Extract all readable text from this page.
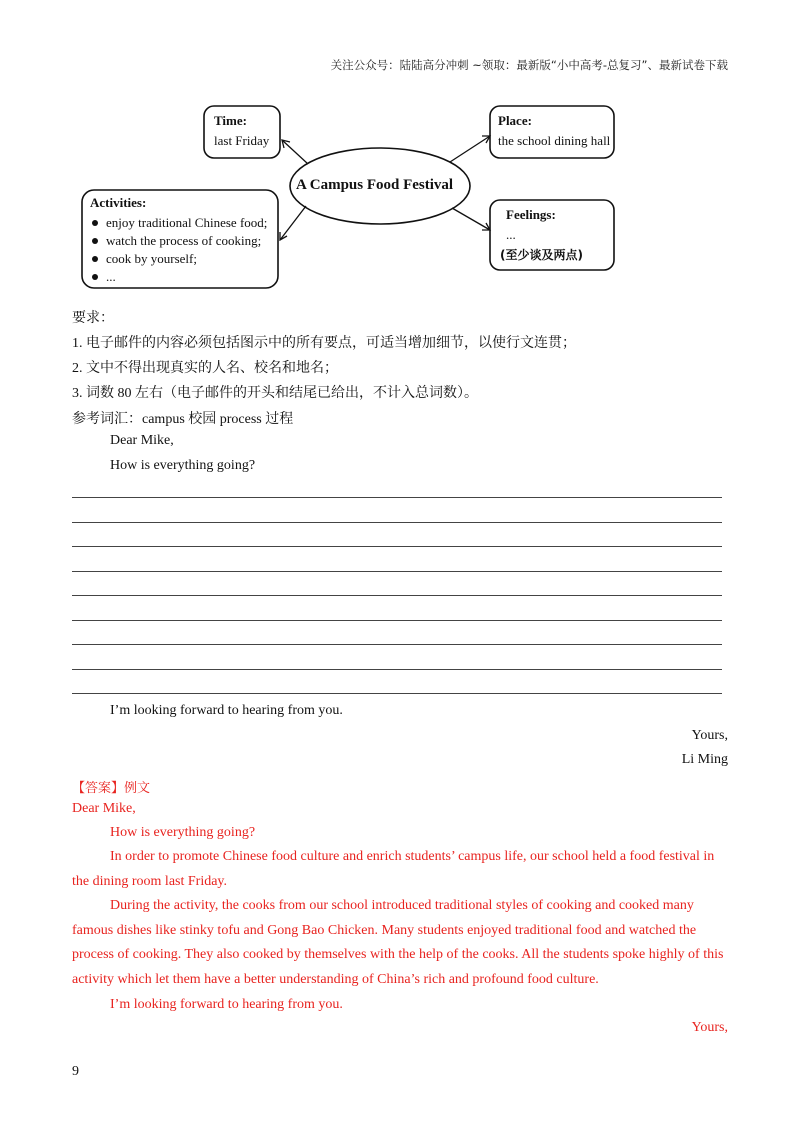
关注公众号：陆陆高分冲刺 ~领取：最新版“小中高考-总复习”、最新试卷下载
A Campus Food Festival
Time:
last Friday
Place:
the school dining hall
Activities:
enjoy traditional Chinese food;
watch the process of cooking;
cook by yourself;
...
Feelings:
...
(至少谈及两点)
要求：
1. 电子邮件的内容必须包括图示中的所有要点，可适当增加细节，以使行文连贯；
2. 文中不得出现真实的人名、校名和地名；
3. 词数 80 左右（电子邮件的开头和结尾已给出，不计入总词数）。
参考词汇：campus 校园 process 过程
Dear Mike,
How is everything going?
I’m looking forward to hearing from you.
Yours,
Li Ming
【答案】例文
Dear Mike,
How is everything going?
In order to promote Chinese food culture and enrich students’ campus life, our school held a food festival in the dining room last Friday.
During the activity, the cooks from our school introduced traditional styles of cooking and cooked many famous dishes like stinky tofu and Gong Bao Chicken. Many students enjoyed traditional food and watched the process of cooking. They also cooked by themselves with the help of the cooks. All the students spoke highly of this activity which let them have a better understanding of China’s rich and profound food culture.
I’m looking forward to hearing from you.
Yours,
9
